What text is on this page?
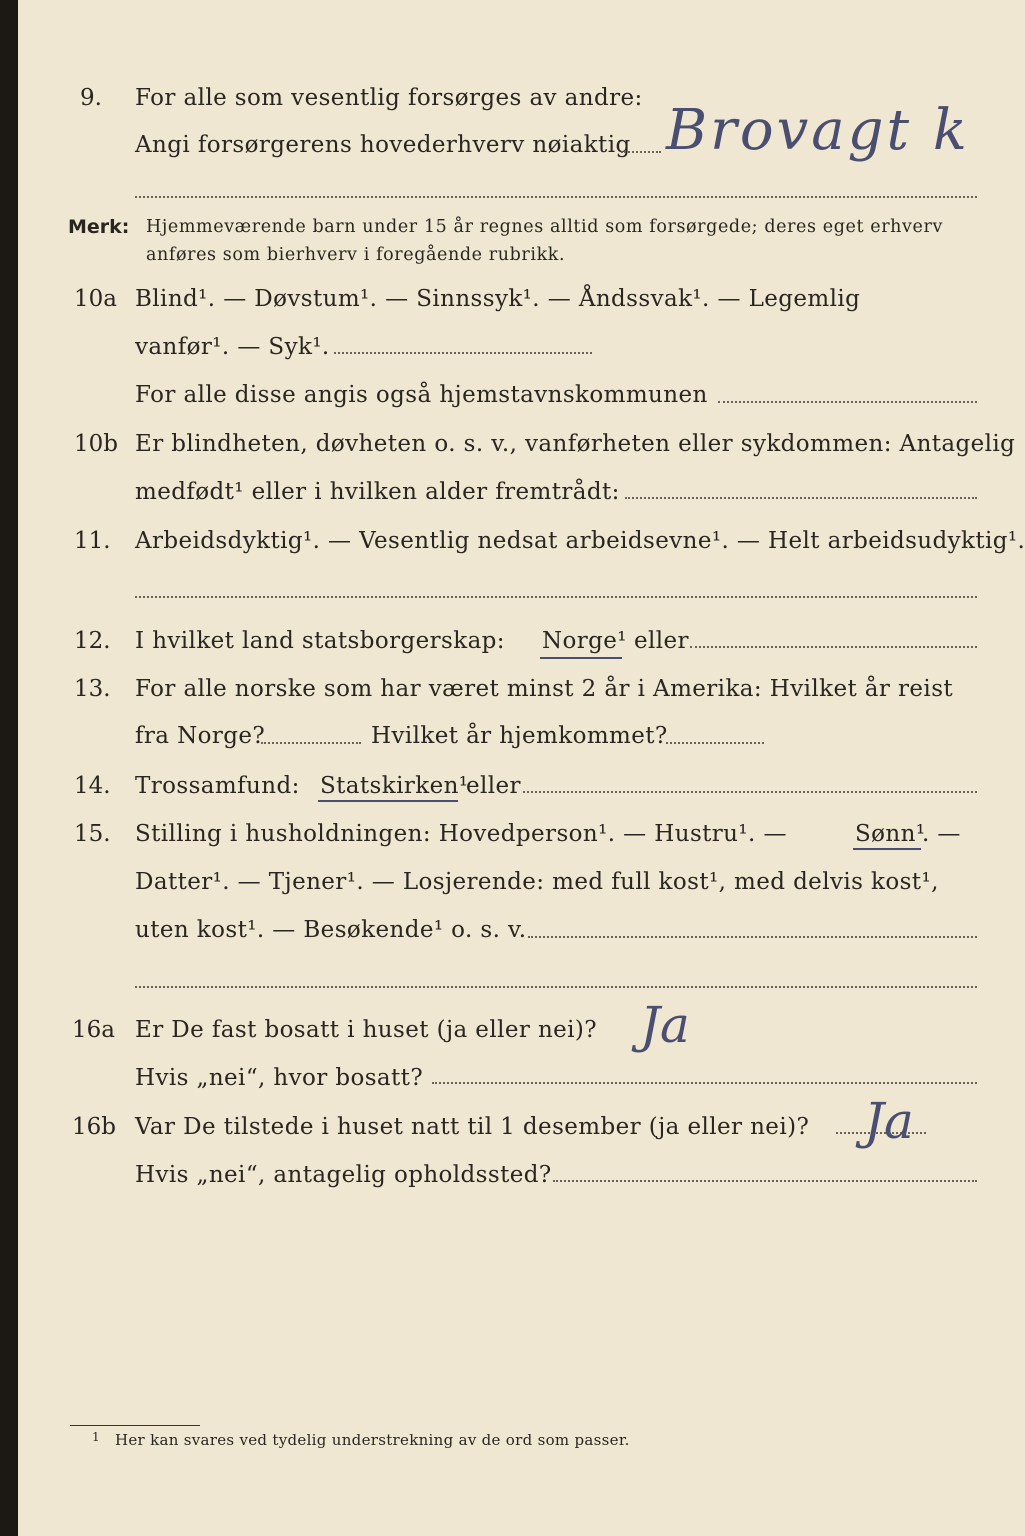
9. For alle som vesentlig forsørges av andre:
Angi forsørgerens hovederhverv nøiaktig Brovagt k
Merk: Hjemmeværende barn under 15 år regnes alltid som forsørgede; deres eget erhverv
anføres som bierhverv i foregående rubrikk.
10a Blind¹. — Døvstum¹. — Sinnssyk¹. — Åndssvak¹. — Legemlig
vanfør¹. — Syk¹.
For alle disse angis også hjemstavnskommunen
10b Er blindheten, døvheten o. s. v., vanførheten eller sykdommen: Antagelig
medfødt¹ eller i hvilken alder fremtrådt:
11. Arbeidsdyktig¹. — Vesentlig nedsat arbeidsevne¹. — Helt arbeidsudyktig¹.
12. I hvilket land statsborgerskap: Norge¹ eller
13. For alle norske som har været minst 2 år i Amerika: Hvilket år reist
fra Norge?	Hvilket år hjemkommet?
14. Trossamfund: Statskirken¹
eller
15. Stilling i husholdningen: Hovedperson¹. — Hustru¹. —	Sønn¹
. —
Datter¹. — Tjener¹. — Losjerende: med full kost¹, med delvis kost¹,
uten kost¹. — Besøkende¹ o. s. v.
16a Er De fast bosatt i huset (ja eller nei)? Ja
Hvis „nei“, hvor bosatt?
16b Var De tilstede i huset natt til 1 desember (ja eller nei)? Ja
Hvis „nei“, antagelig opholdssted?
1 Her kan svares ved tydelig understrekning av de ord som passer.
